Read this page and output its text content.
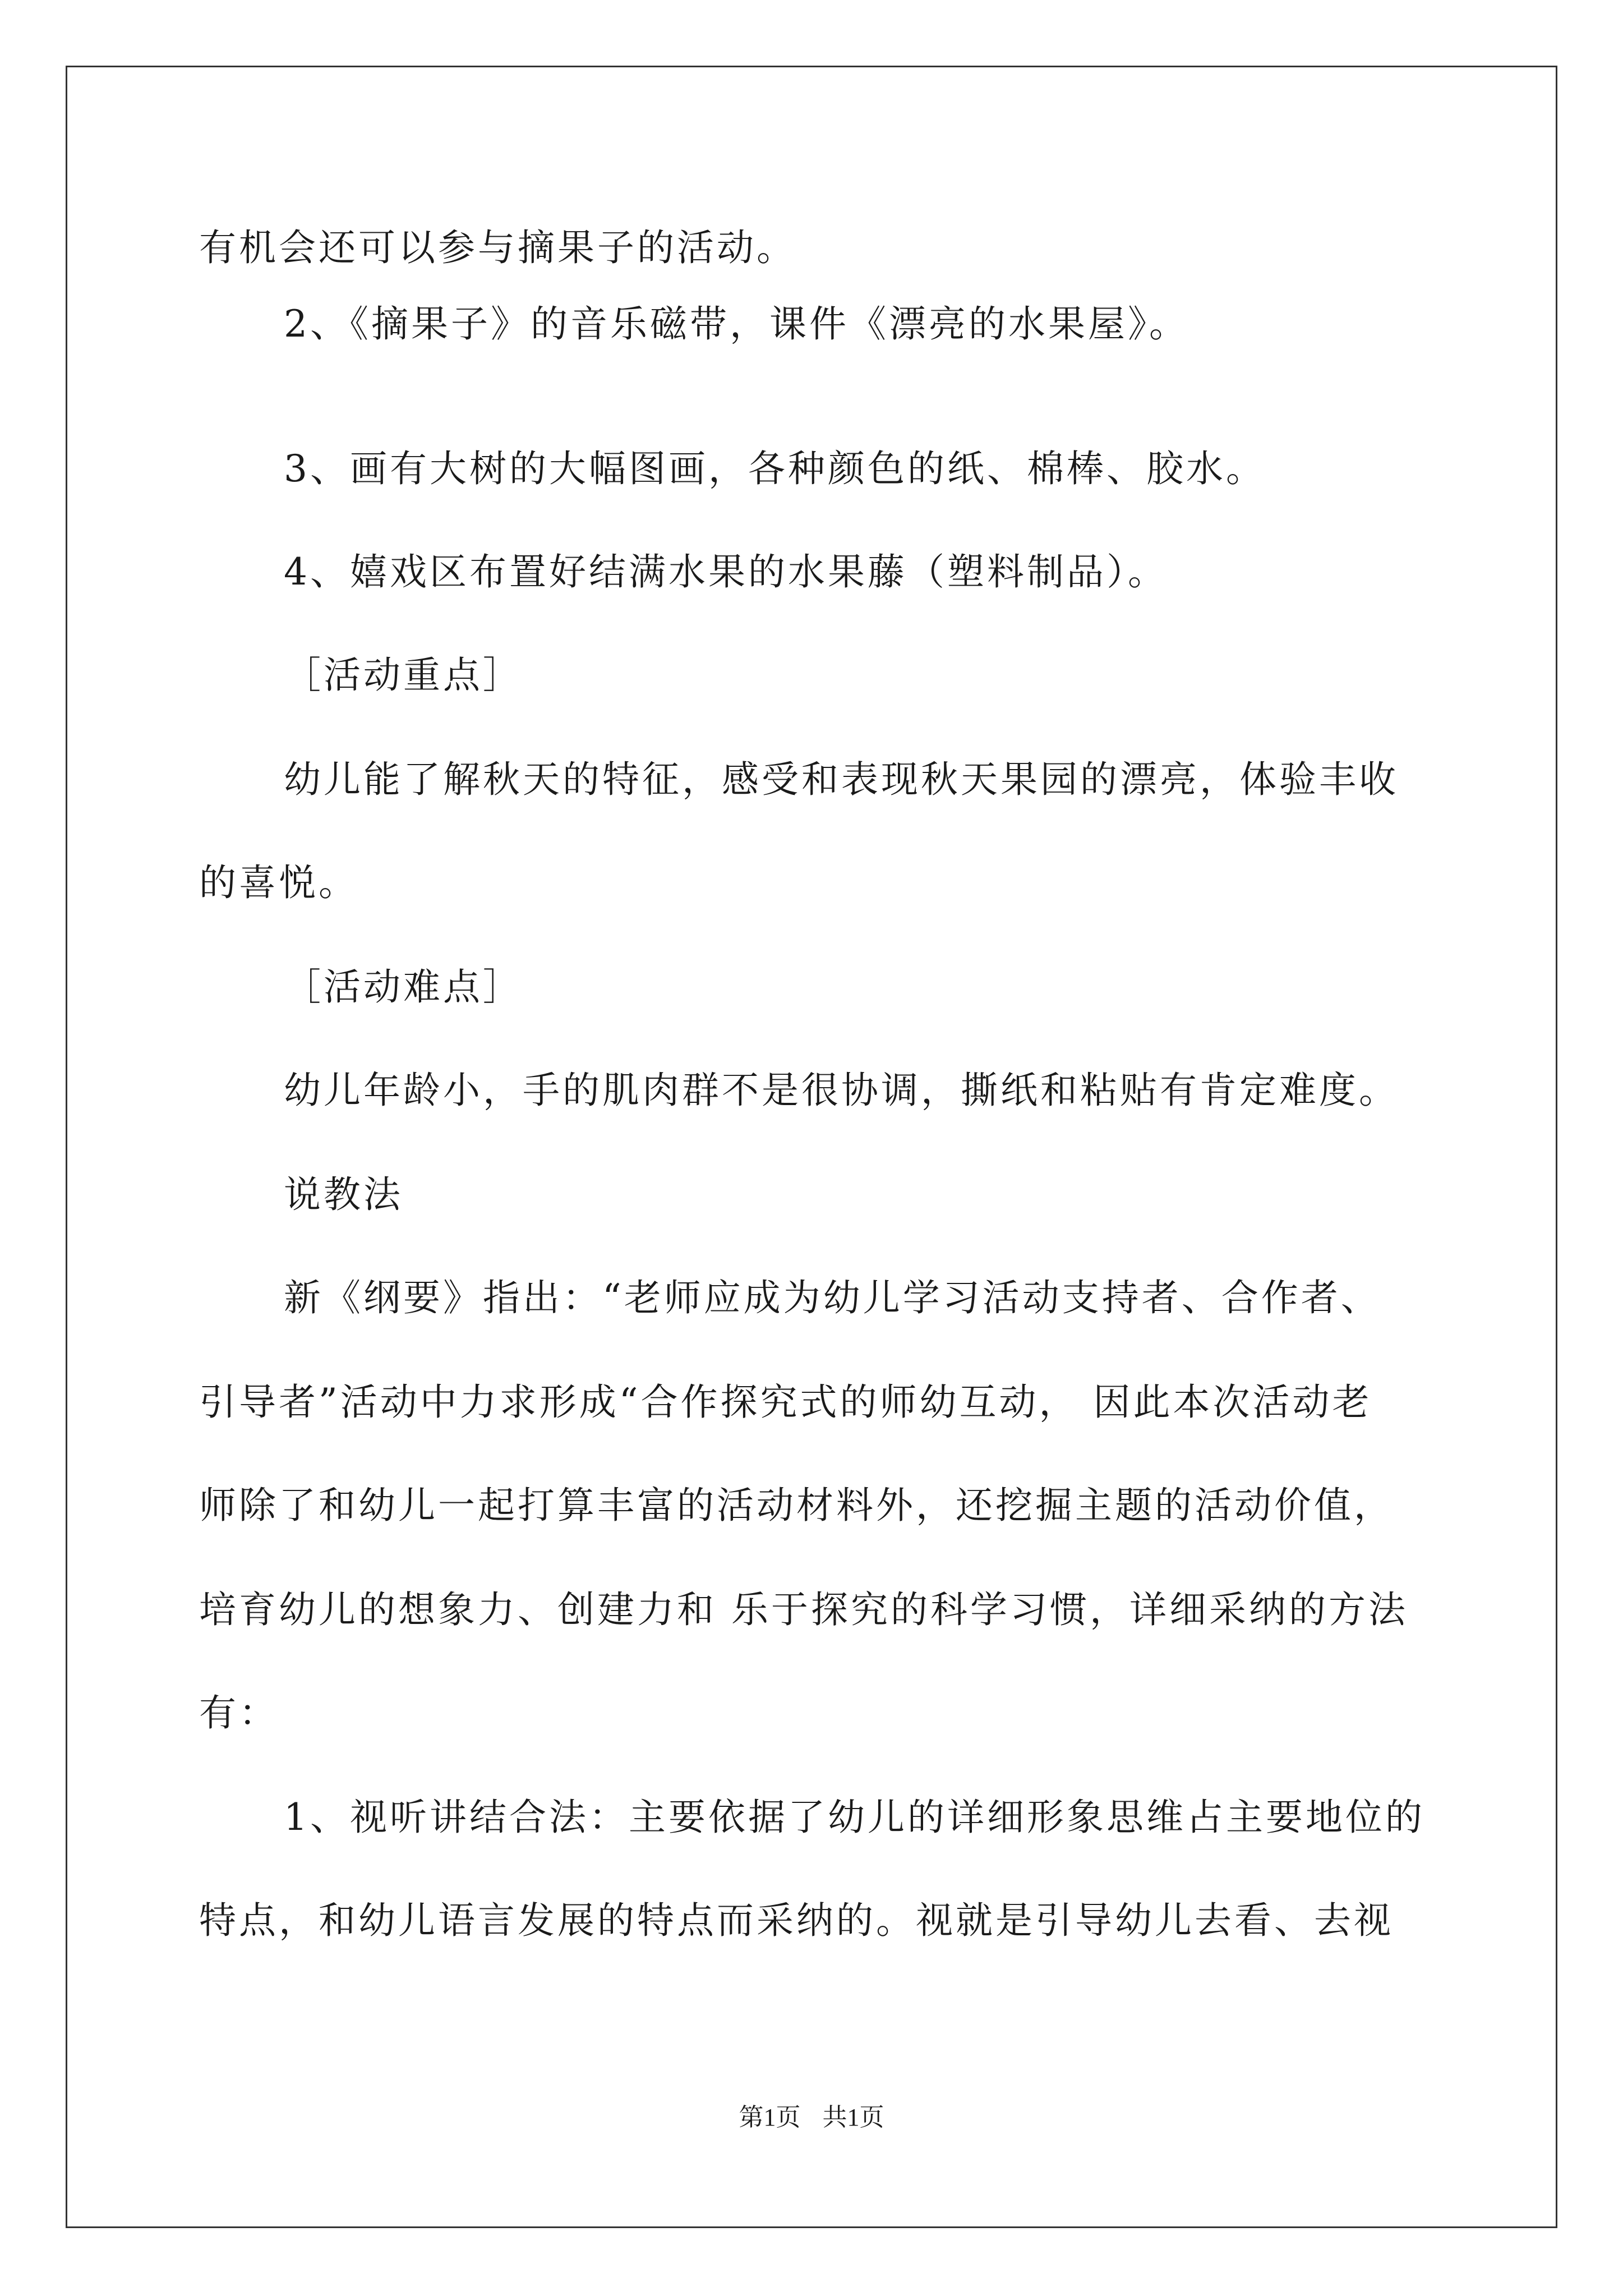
有机会还可以参与摘果子的活动。
2、《摘果子》的音乐磁带，课件《漂亮的水果屋》。
3、画有大树的大幅图画，各种颜色的纸、棉棒、胶水。
4、嬉戏区布置好结满水果的水果藤（塑料制品）。
［活动重点］
幼儿能了解秋天的特征，感受和表现秋天果园的漂亮，体验丰收
的喜悦。
［活动难点］
幼儿年龄小，手的肌肉群不是很协调，撕纸和粘贴有肯定难度。
说教法
新《纲要》指出：“老师应成为幼儿学习活动支持者、合作者、
引导者”活动中力求形成“合作探究式的师幼互动， 因此本次活动老
师除了和幼儿一起打算丰富的活动材料外，还挖掘主题的活动价值，
培育幼儿的想象力、创建力和 乐于探究的科学习惯，详细采纳的方法
有：
1、视听讲结合法：主要依据了幼儿的详细形象思维占主要地位的
特点，和幼儿语言发展的特点而采纳的。视就是引导幼儿去看、去视
第1页 共1页
